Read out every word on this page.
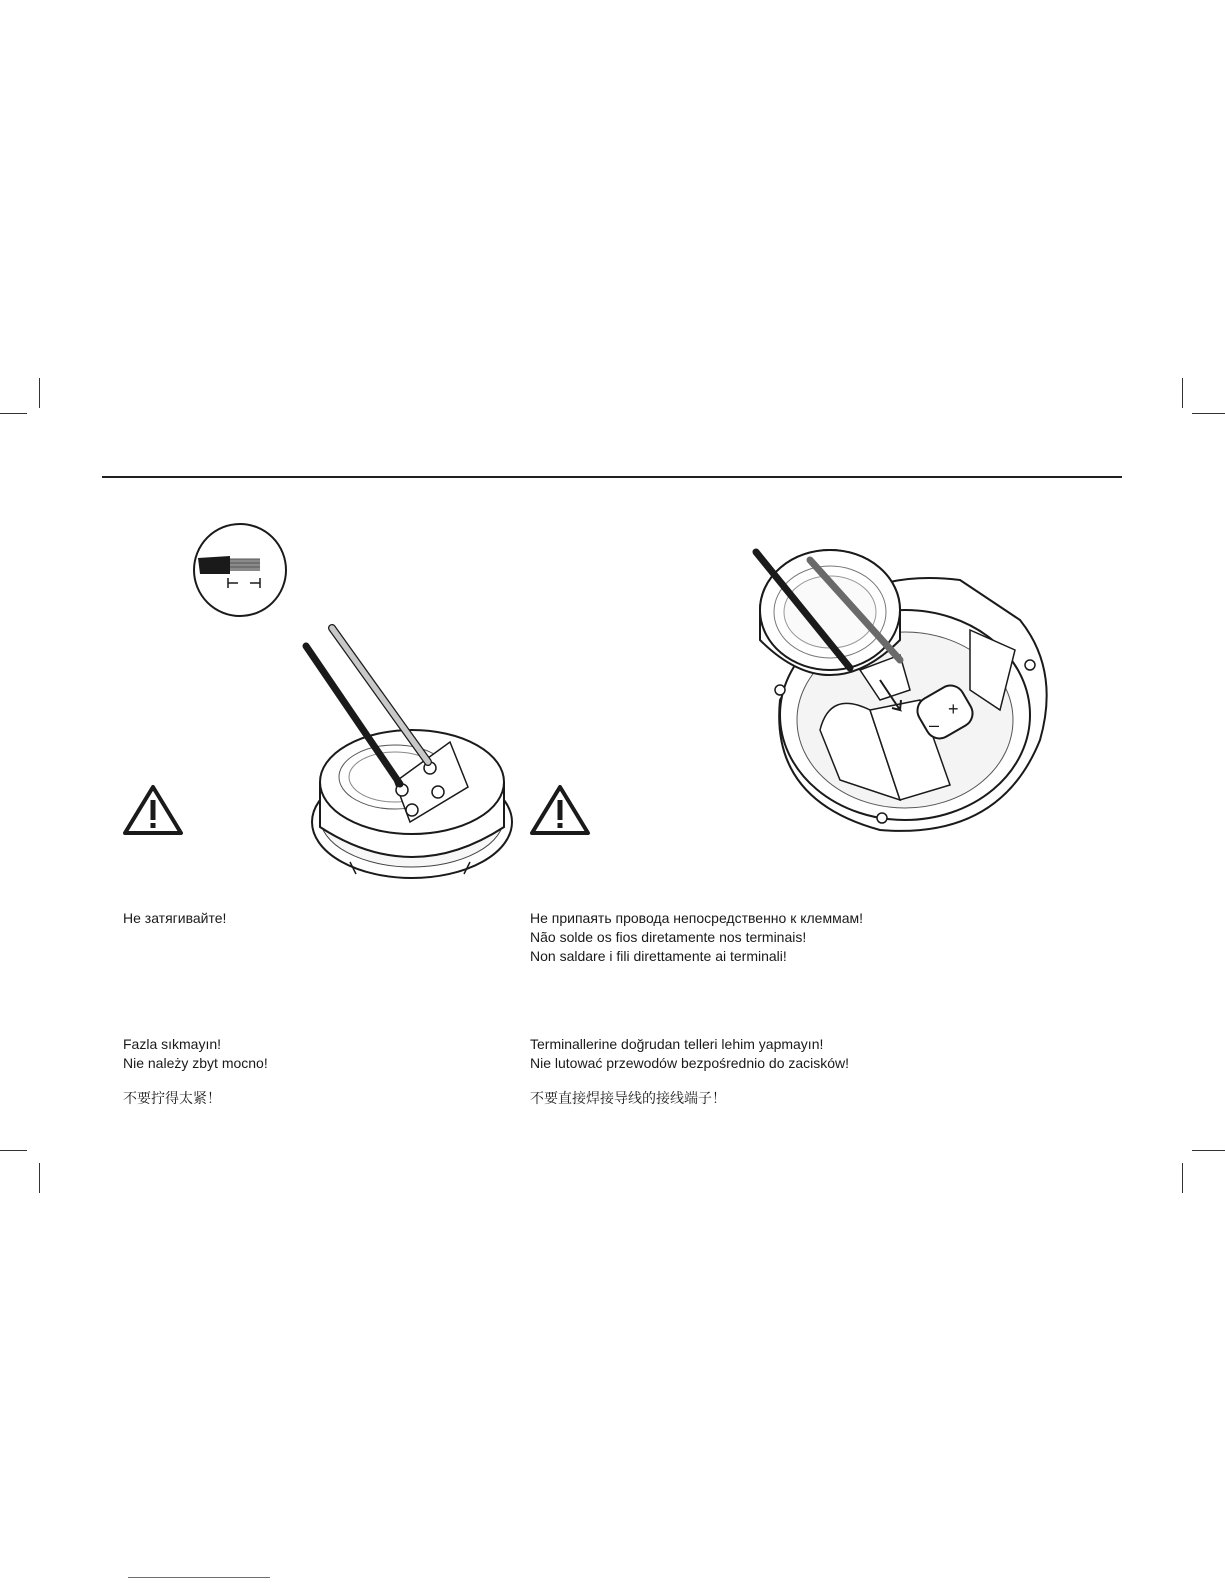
–
+
Не затягивайте!
Fazla sıkmayın!
Nie należy zbyt mocno!
不要拧得太紧！
Не припаять провода непосредственно к клеммам!
Não solde os fios diretamente nos terminais!
Non saldare i fili direttamente ai terminali!
Terminallerine doğrudan telleri lehim yapmayın!
Nie lutować przewodów bezpośrednio do zacisków!
不要直接焊接导线的接线端子！
